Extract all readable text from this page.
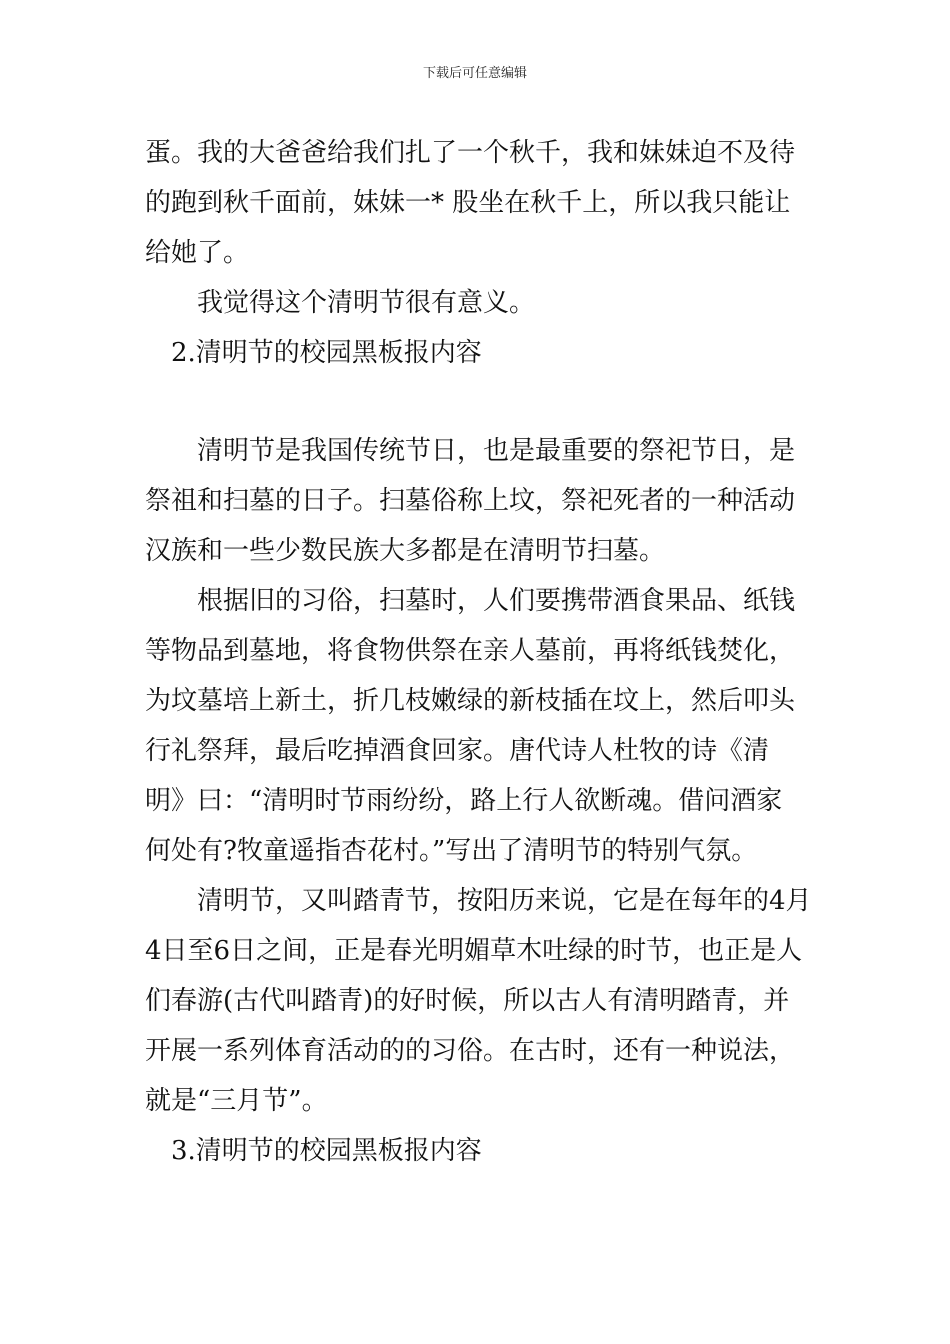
下载后可任意编辑

蛋。我的大爸爸给我们扎了一个秋千，我和妹妹迫不及待
的跑到秋千面前，妹妹一* 股坐在秋千上，所以我只能让
给她了。

我觉得这个清明节很有意义。

2.清明节的校园黑板报内容

清明节是我国传统节日，也是最重要的祭祀节日，是
祭祖和扫墓的日子。扫墓俗称上坟，祭祀死者的一种活动
汉族和一些少数民族大多都是在清明节扫墓。

根据旧的习俗，扫墓时，人们要携带酒食果品、纸钱
等物品到墓地，将食物供祭在亲人墓前，再将纸钱焚化，
为坟墓培上新土，折几枝嫩绿的新枝插在坟上，然后叩头
行礼祭拜，最后吃掉酒食回家。唐代诗人杜牧的诗《清
明》曰：“清明时节雨纷纷，路上行人欲断魂。借问酒家
何处有?牧童遥指杏花村。”写出了清明节的特别气氛。

清明节，又叫踏青节，按阳历来说，它是在每年的4月
4日至6日之间，正是春光明媚草木吐绿的时节，也正是人
们春游(古代叫踏青)的好时候，所以古人有清明踏青，并
开展一系列体育活动的的习俗。在古时，还有一种说法，
就是“三月节”。

3.清明节的校园黑板报内容
